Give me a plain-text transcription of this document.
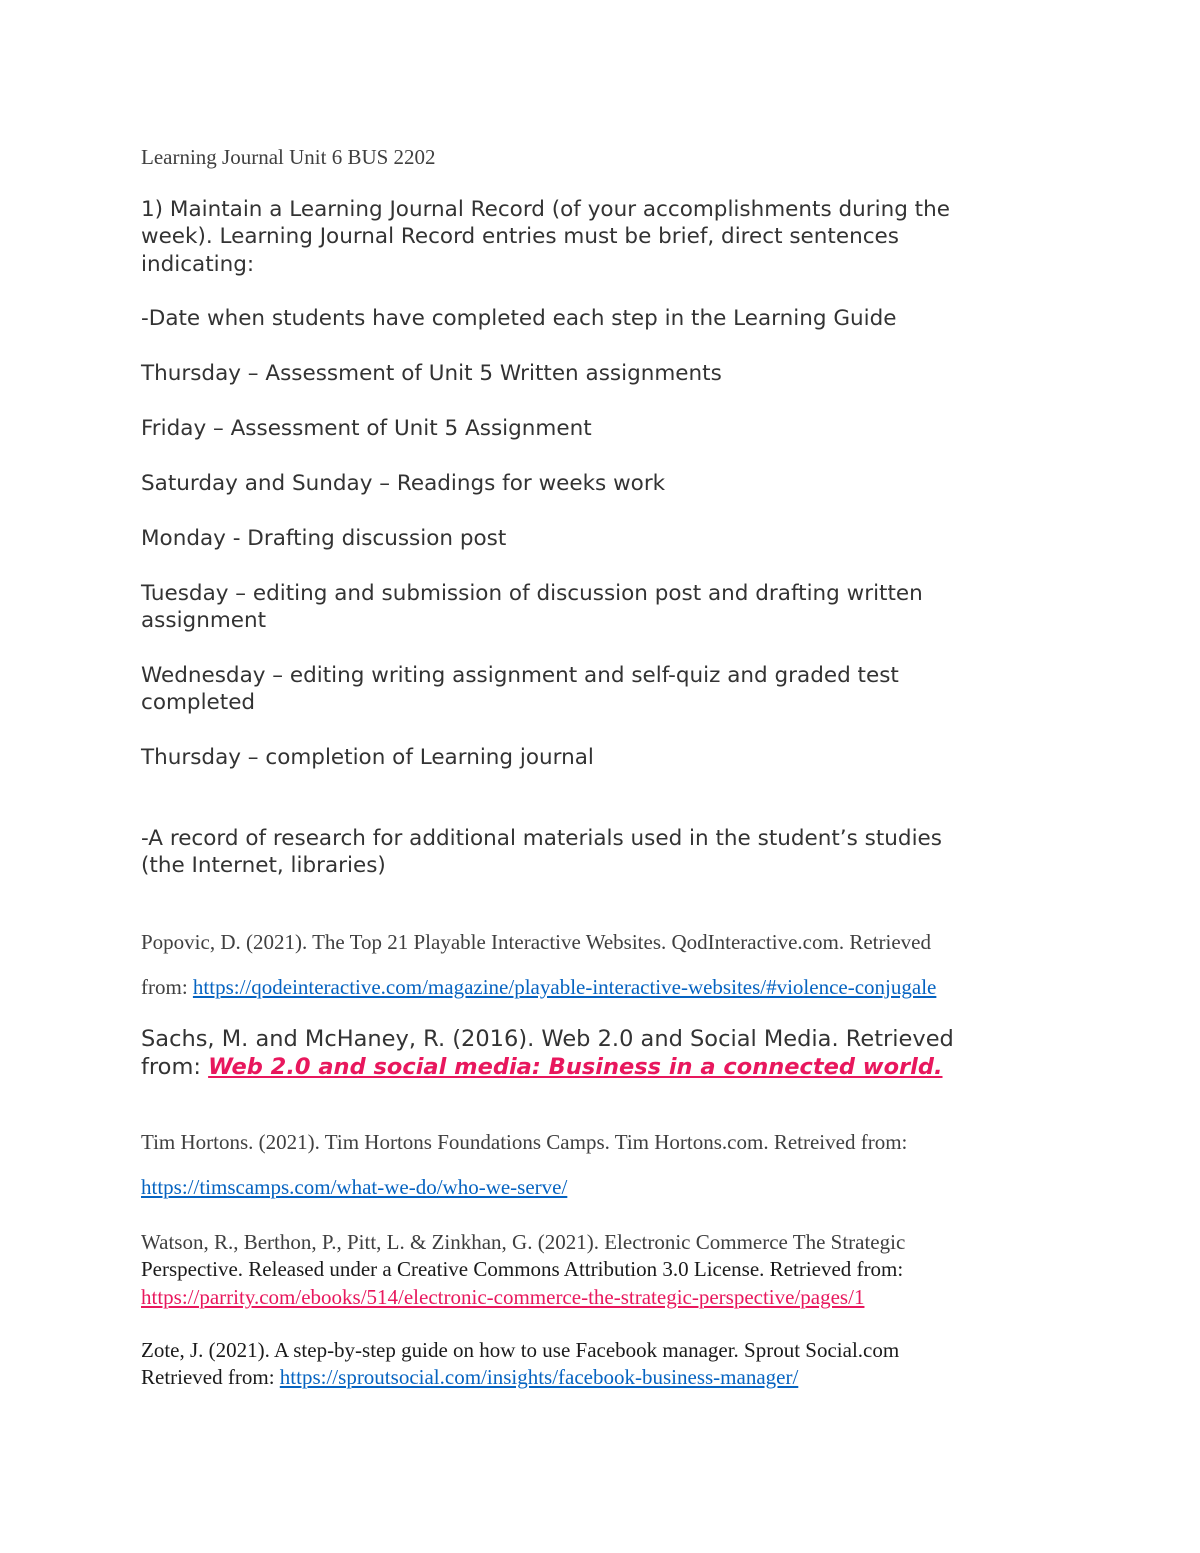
Learning Journal Unit 6 BUS 2202

1) Maintain a Learning Journal Record (of your accomplishments during the

week). Learning Journal Record entries must be brief, direct sentences

indicating:

-Date when students have completed each step in the Learning Guide

Thursday – Assessment of Unit 5 Written assignments

Friday – Assessment of Unit 5 Assignment

Saturday and Sunday – Readings for weeks work

Monday - Drafting discussion post

Tuesday – editing and submission of discussion post and drafting written

assignment

Wednesday – editing writing assignment and self-quiz and graded test

completed

Thursday – completion of Learning journal

-A record of research for additional materials used in the student’s studies

(the Internet, libraries)

Popovic, D. (2021). The Top 21 Playable Interactive Websites. QodInteractive.com. Retrieved

from: https://qodeinteractive.com/magazine/playable-interactive-websites/#violence-conjugale

Sachs, M. and McHaney, R. (2016). Web 2.0 and Social Media. Retrieved

from: Web 2.0 and social media: Business in a connected world.

Tim Hortons. (2021). Tim Hortons Foundations Camps. Tim Hortons.com. Retreived from:

https://timscamps.com/what-we-do/who-we-serve/

Watson, R., Berthon, P., Pitt, L. & Zinkhan, G. (2021). Electronic Commerce The Strategic

Perspective. Released under a Creative Commons Attribution 3.0 License. Retrieved from:

https://parrity.com/ebooks/514/electronic-commerce-the-strategic-perspective/pages/1

Zote, J. (2021). A step-by-step guide on how to use Facebook manager. Sprout Social.com

Retrieved from: https://sproutsocial.com/insights/facebook-business-manager/
